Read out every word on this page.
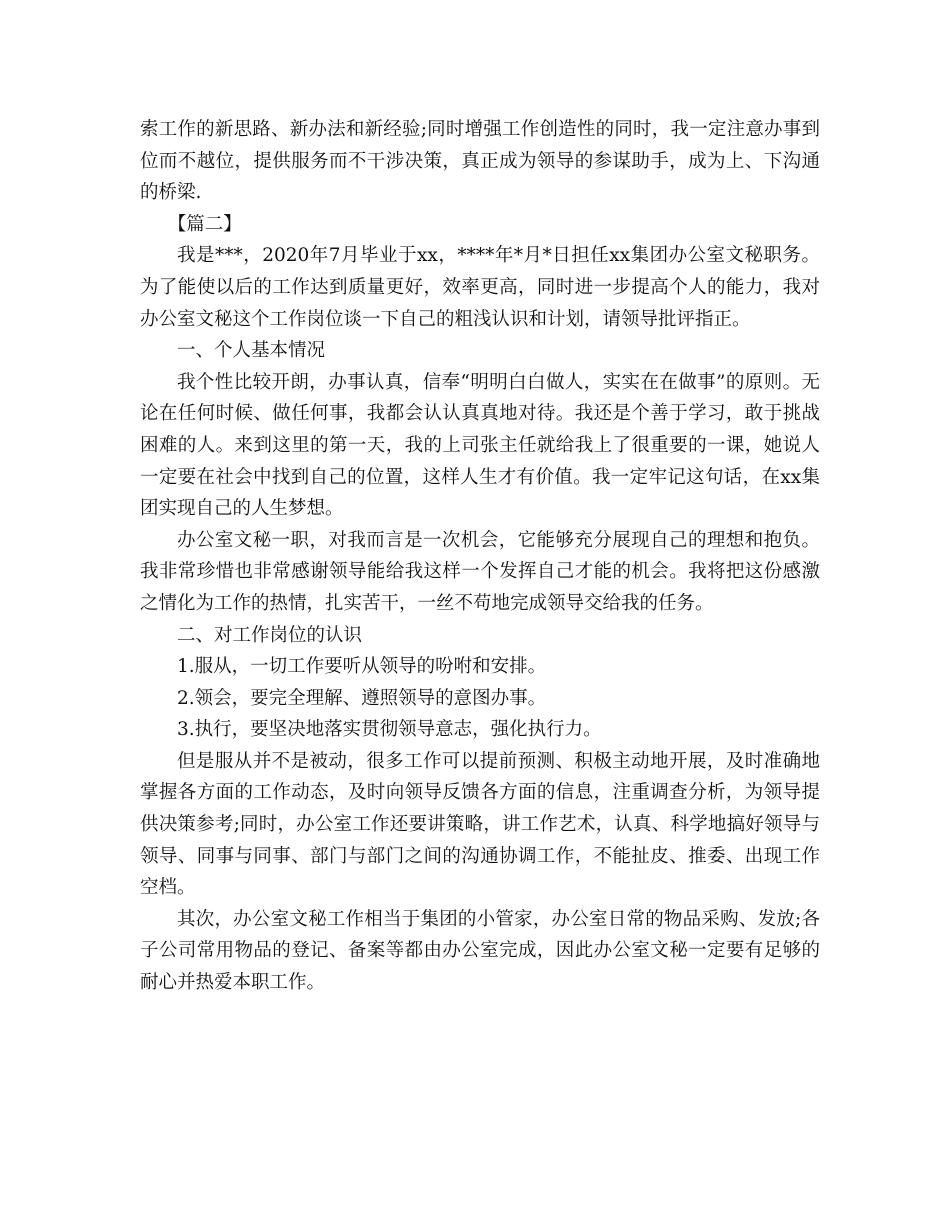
索工作的新思路、新办法和新经验;同时增强工作创造性的同时，我一定注意办事到位而不越位，提供服务而不干涉决策，真正成为领导的参谋助手，成为上、下沟通的桥梁.

【篇二】

我是***，2020年7月毕业于xx，****年*月*日担任xx集团办公室文秘职务。为了能使以后的工作达到质量更好，效率更高，同时进一步提高个人的能力，我对办公室文秘这个工作岗位谈一下自己的粗浅认识和计划，请领导批评指正。

一、个人基本情况

我个性比较开朗，办事认真，信奉“明明白白做人，实实在在做事”的原则。无论在任何时候、做任何事，我都会认认真真地对待。我还是个善于学习，敢于挑战困难的人。来到这里的第一天，我的上司张主任就给我上了很重要的一课，她说人一定要在社会中找到自己的位置，这样人生才有价值。我一定牢记这句话，在xx集团实现自己的人生梦想。

办公室文秘一职，对我而言是一次机会，它能够充分展现自己的理想和抱负。我非常珍惜也非常感谢领导能给我这样一个发挥自己才能的机会。我将把这份感激之情化为工作的热情，扎实苦干，一丝不苟地完成领导交给我的任务。

二、对工作岗位的认识

1.服从，一切工作要听从领导的吩咐和安排。

2.领会，要完全理解、遵照领导的意图办事。

3.执行，要坚决地落实贯彻领导意志，强化执行力。

但是服从并不是被动，很多工作可以提前预测、积极主动地开展，及时准确地掌握各方面的工作动态，及时向领导反馈各方面的信息，注重调查分析，为领导提供决策参考;同时，办公室工作还要讲策略，讲工作艺术，认真、科学地搞好领导与领导、同事与同事、部门与部门之间的沟通协调工作，不能扯皮、推委、出现工作空档。

其次，办公室文秘工作相当于集团的小管家，办公室日常的物品采购、发放;各子公司常用物品的登记、备案等都由办公室完成，因此办公室文秘一定要有足够的耐心并热爱本职工作。
